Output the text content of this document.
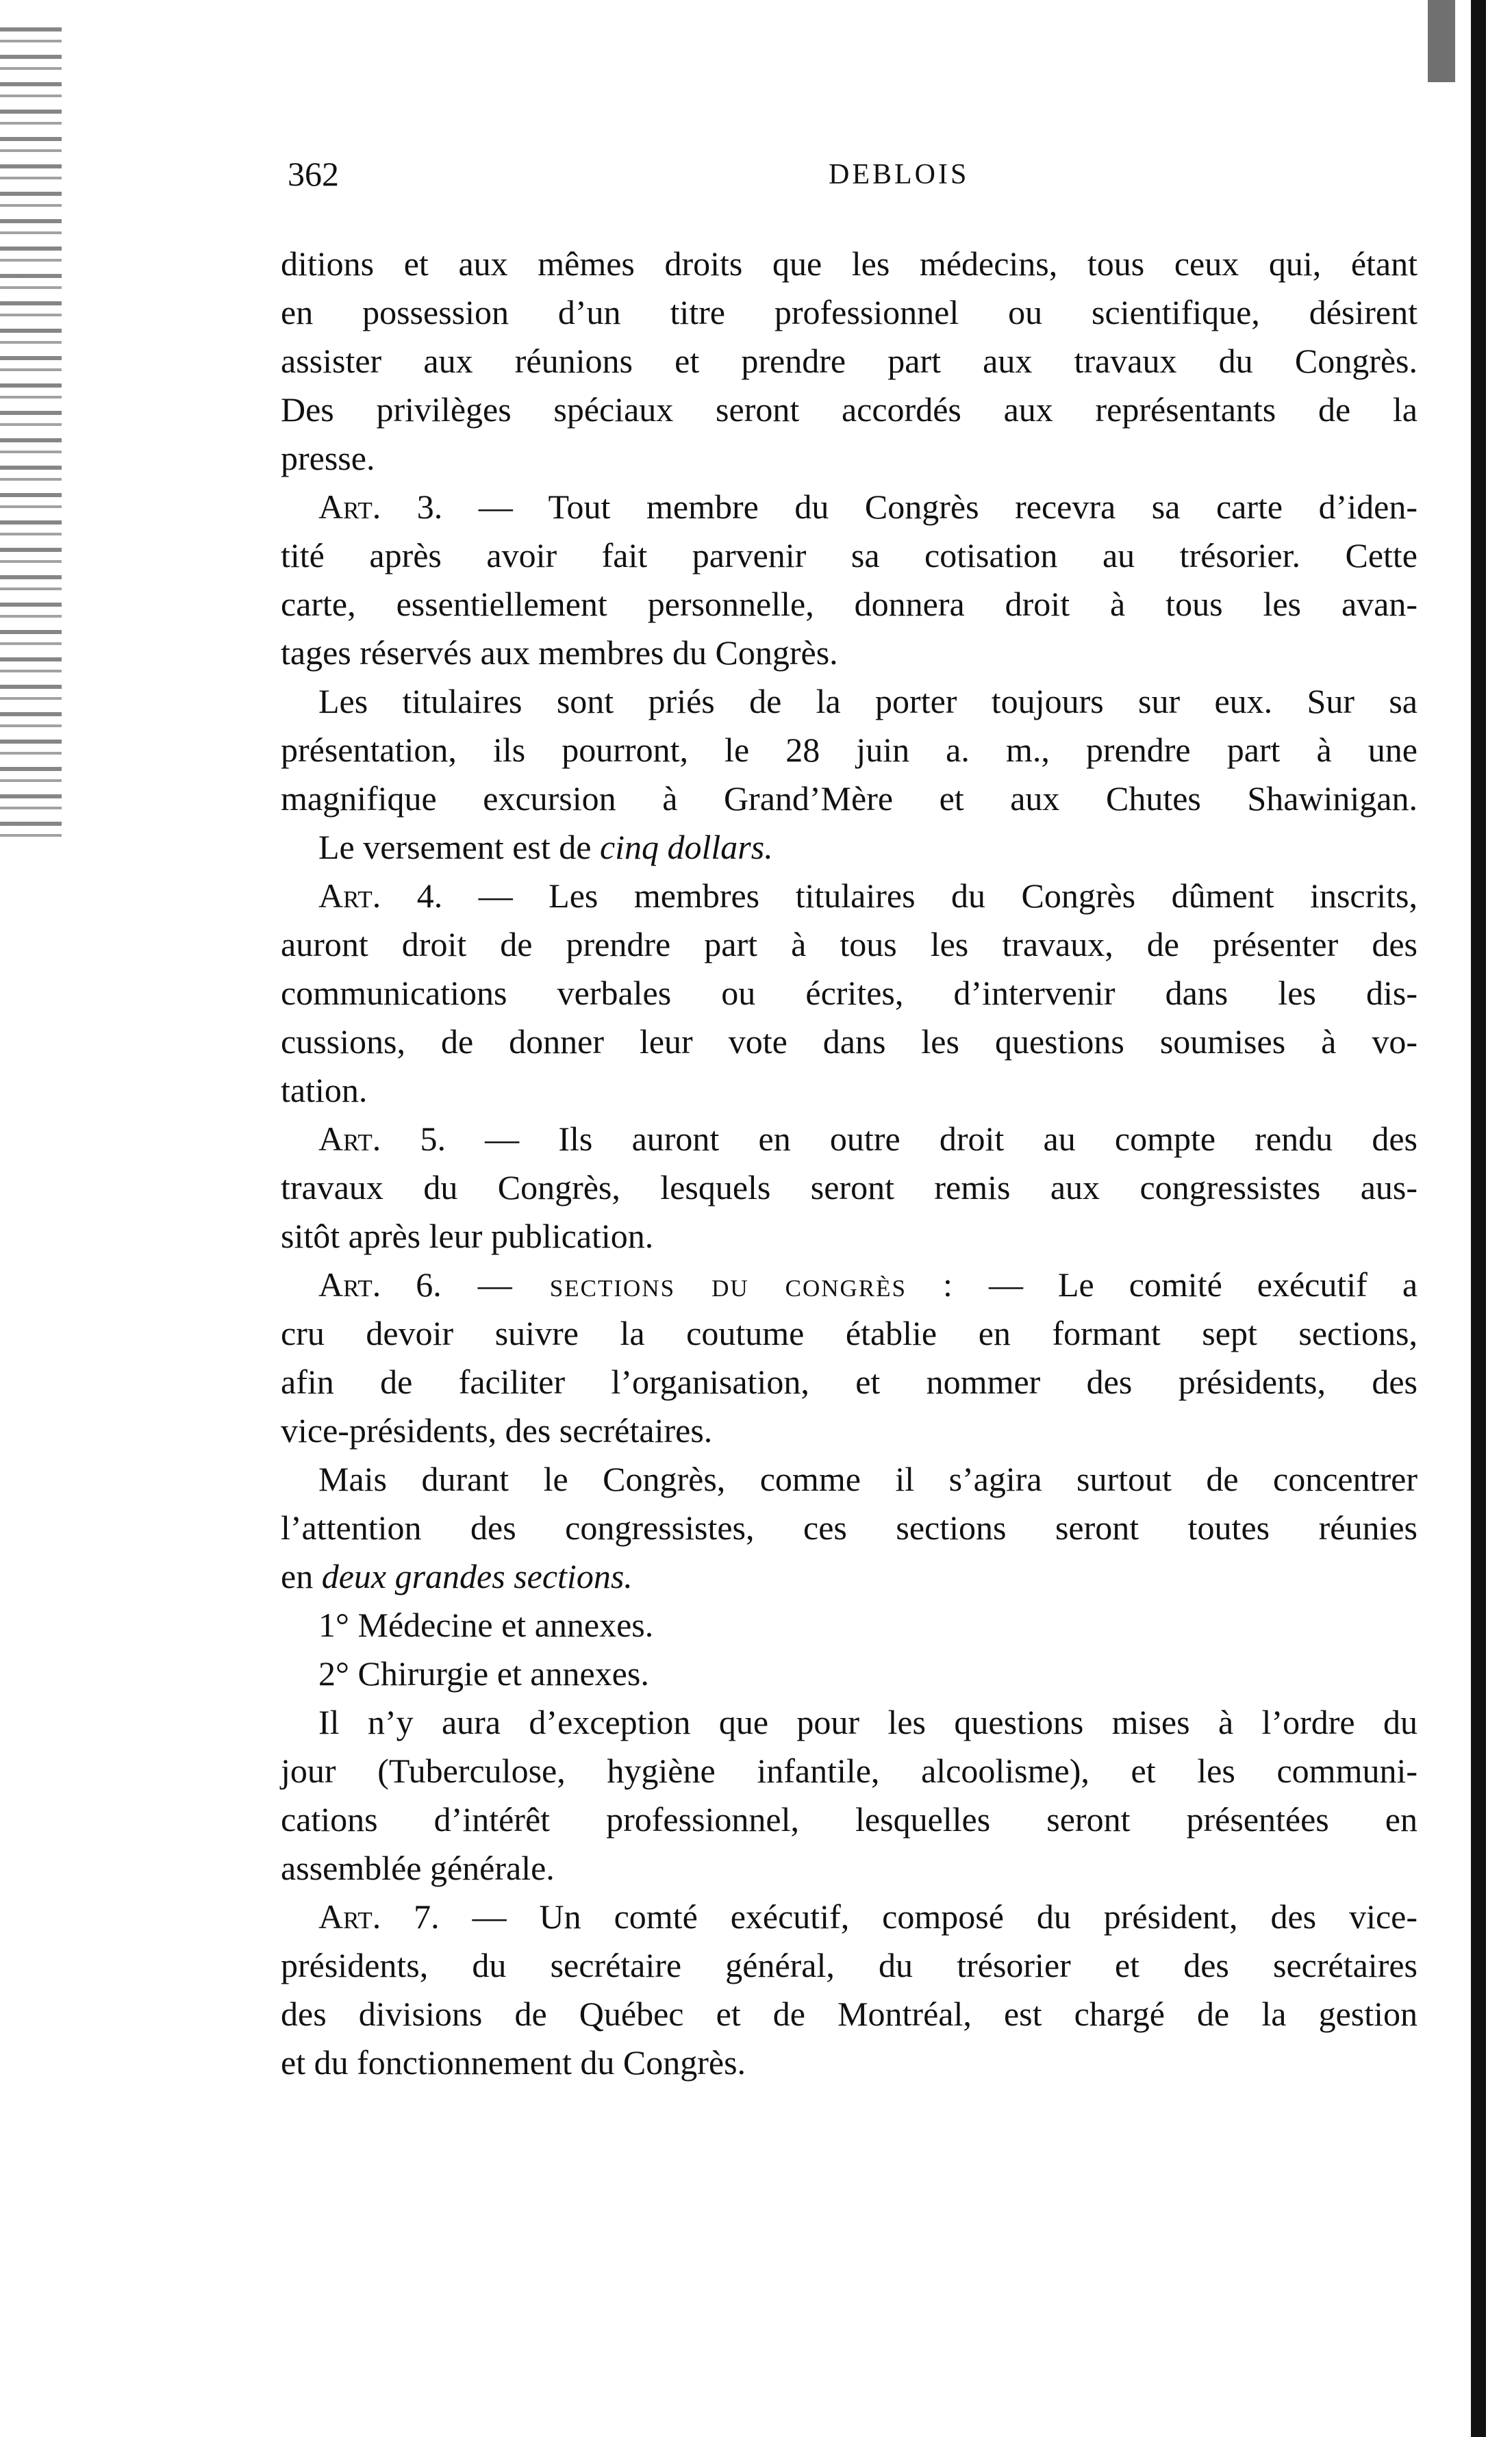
362	DEBLOIS
ditions et aux mêmes droits que les médecins, tous ceux qui, étant
en possession d’un titre professionnel ou scientifique, désirent
assister aux réunions et prendre part aux travaux du Congrès.
Des privilèges spéciaux seront accordés aux représentants de la
presse.
Art. 3. — Tout membre du Congrès recevra sa carte d’iden-
tité après avoir fait parvenir sa cotisation au trésorier. Cette
carte, essentiellement personnelle, donnera droit à tous les avan-
tages réservés aux membres du Congrès.
Les titulaires sont priés de la porter toujours sur eux. Sur sa
présentation, ils pourront, le 28 juin a. m., prendre part à une
magnifique excursion à Grand’Mère et aux Chutes Shawinigan.
Le versement est de cinq dollars.
Art. 4. — Les membres titulaires du Congrès dûment inscrits,
auront droit de prendre part à tous les travaux, de présenter des
communications verbales ou écrites, d’intervenir dans les dis-
cussions, de donner leur vote dans les questions soumises à vo-
tation.
Art. 5. — Ils auront en outre droit au compte rendu des
travaux du Congrès, lesquels seront remis aux congressistes aus-
sitôt après leur publication.
Art. 6. — sections du congrès : — Le comité exécutif a
cru devoir suivre la coutume établie en formant sept sections,
afin de faciliter l’organisation, et nommer des présidents, des
vice-présidents, des secrétaires.
Mais durant le Congrès, comme il s’agira surtout de concentrer
l’attention des congressistes, ces sections seront toutes réunies
en deux grandes sections.
1° Médecine et annexes.
2° Chirurgie et annexes.
Il n’y aura d’exception que pour les questions mises à l’ordre du
jour (Tuberculose, hygiène infantile, alcoolisme), et les communi-
cations d’intérêt professionnel, lesquelles seront présentées en
assemblée générale.
Art. 7. — Un comté exécutif, composé du président, des vice-
présidents, du secrétaire général, du trésorier et des secrétaires
des divisions de Québec et de Montréal, est chargé de la gestion
et du fonctionnement du Congrès.
